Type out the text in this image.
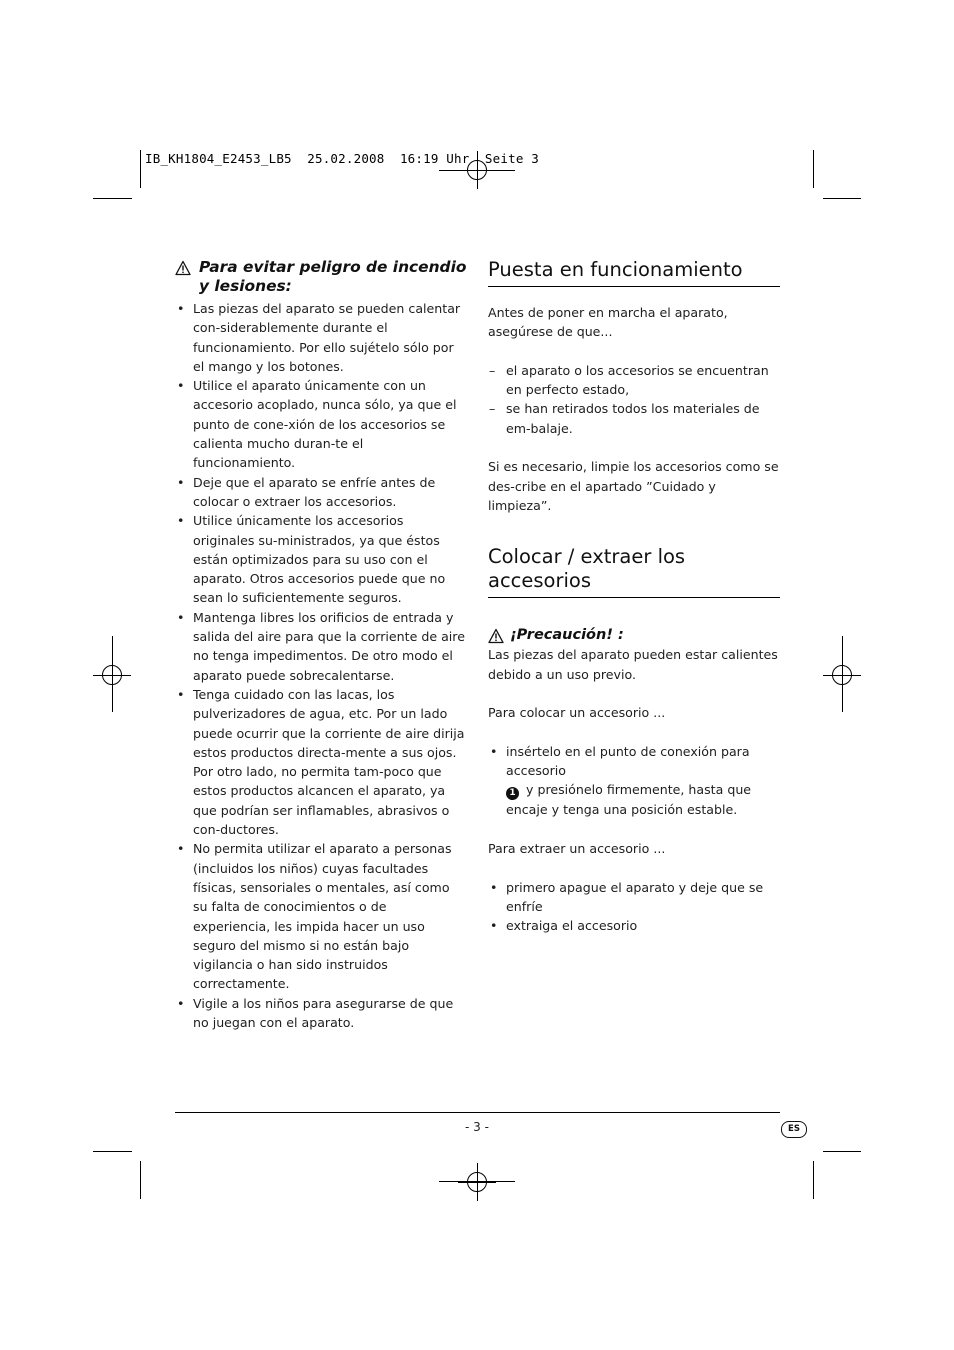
IB_KH1804_E2453_LB5  25.02.2008  16:19 Uhr  Seite 3
Para evitar peligro de incendio y lesiones:
• Las piezas del aparato se pueden calentar con-siderablemente durante el funcionamiento. Por ello sujételo sólo por el mango y los botones.
• Utilice el aparato únicamente con un accesorio acoplado, nunca sólo, ya que el punto de cone-xión de los accesorios se calienta mucho duran-te el funcionamiento.
• Deje que el aparato se enfríe antes de colocar o extraer los accesorios.
• Utilice únicamente los accesorios originales su-ministrados, ya que éstos están optimizados para su uso con el aparato. Otros accesorios puede que no sean lo suficientemente seguros.
• Mantenga libres los orificios de entrada y salida del aire para que la corriente de aire no tenga impedimentos. De otro modo el aparato puede sobrecalentarse.
• Tenga cuidado con las lacas, los pulverizadores de agua, etc. Por un lado puede ocurrir que la corriente de aire dirija estos productos directa-mente a sus ojos. Por otro lado, no permita tam-poco que estos productos alcancen el aparato, ya que podrían ser inflamables, abrasivos o con-ductores.
• No permita utilizar el aparato a personas (incluidos los niños) cuyas facultades físicas, sensoriales o mentales, así como su falta de conocimientos o de experiencia, les impida hacer un uso seguro del mismo si no están bajo vigilancia o han sido instruidos correctamente.
• Vigile a los niños para asegurarse de que no juegan con el aparato.
Puesta en funcionamiento

Antes de poner en marcha el aparato, asegúrese de que...

– el aparato o los accesorios se encuentran en perfecto estado,
– se han retirados todos los materiales de em-balaje.

Si es necesario, limpie los accesorios como se des-cribe en el apartado ”Cuidado y limpieza”.

Colocar / extraer los accesorios
¡Precaución! :

Las piezas del aparato pueden estar calientes debido a un uso previo.

Para colocar un accesorio ...

• insértelo en el punto de conexión para accesorio
1 y presiónelo firmemente, hasta que encaje y tenga una posición estable.

Para extraer un accesorio ...

• primero apague el aparato y deje que se enfríe
• extraiga el accesorio
- 3 -	ES
